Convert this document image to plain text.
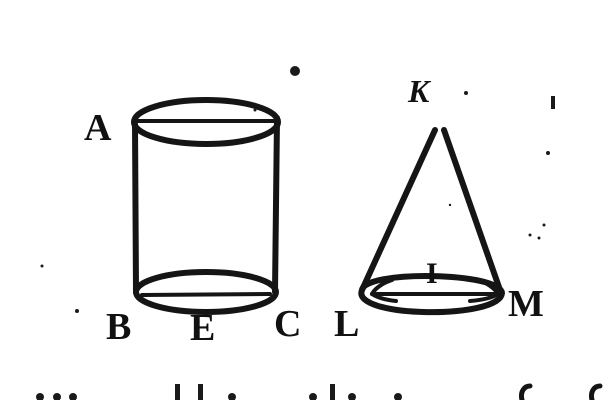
A
B E C
K
L
I
M
